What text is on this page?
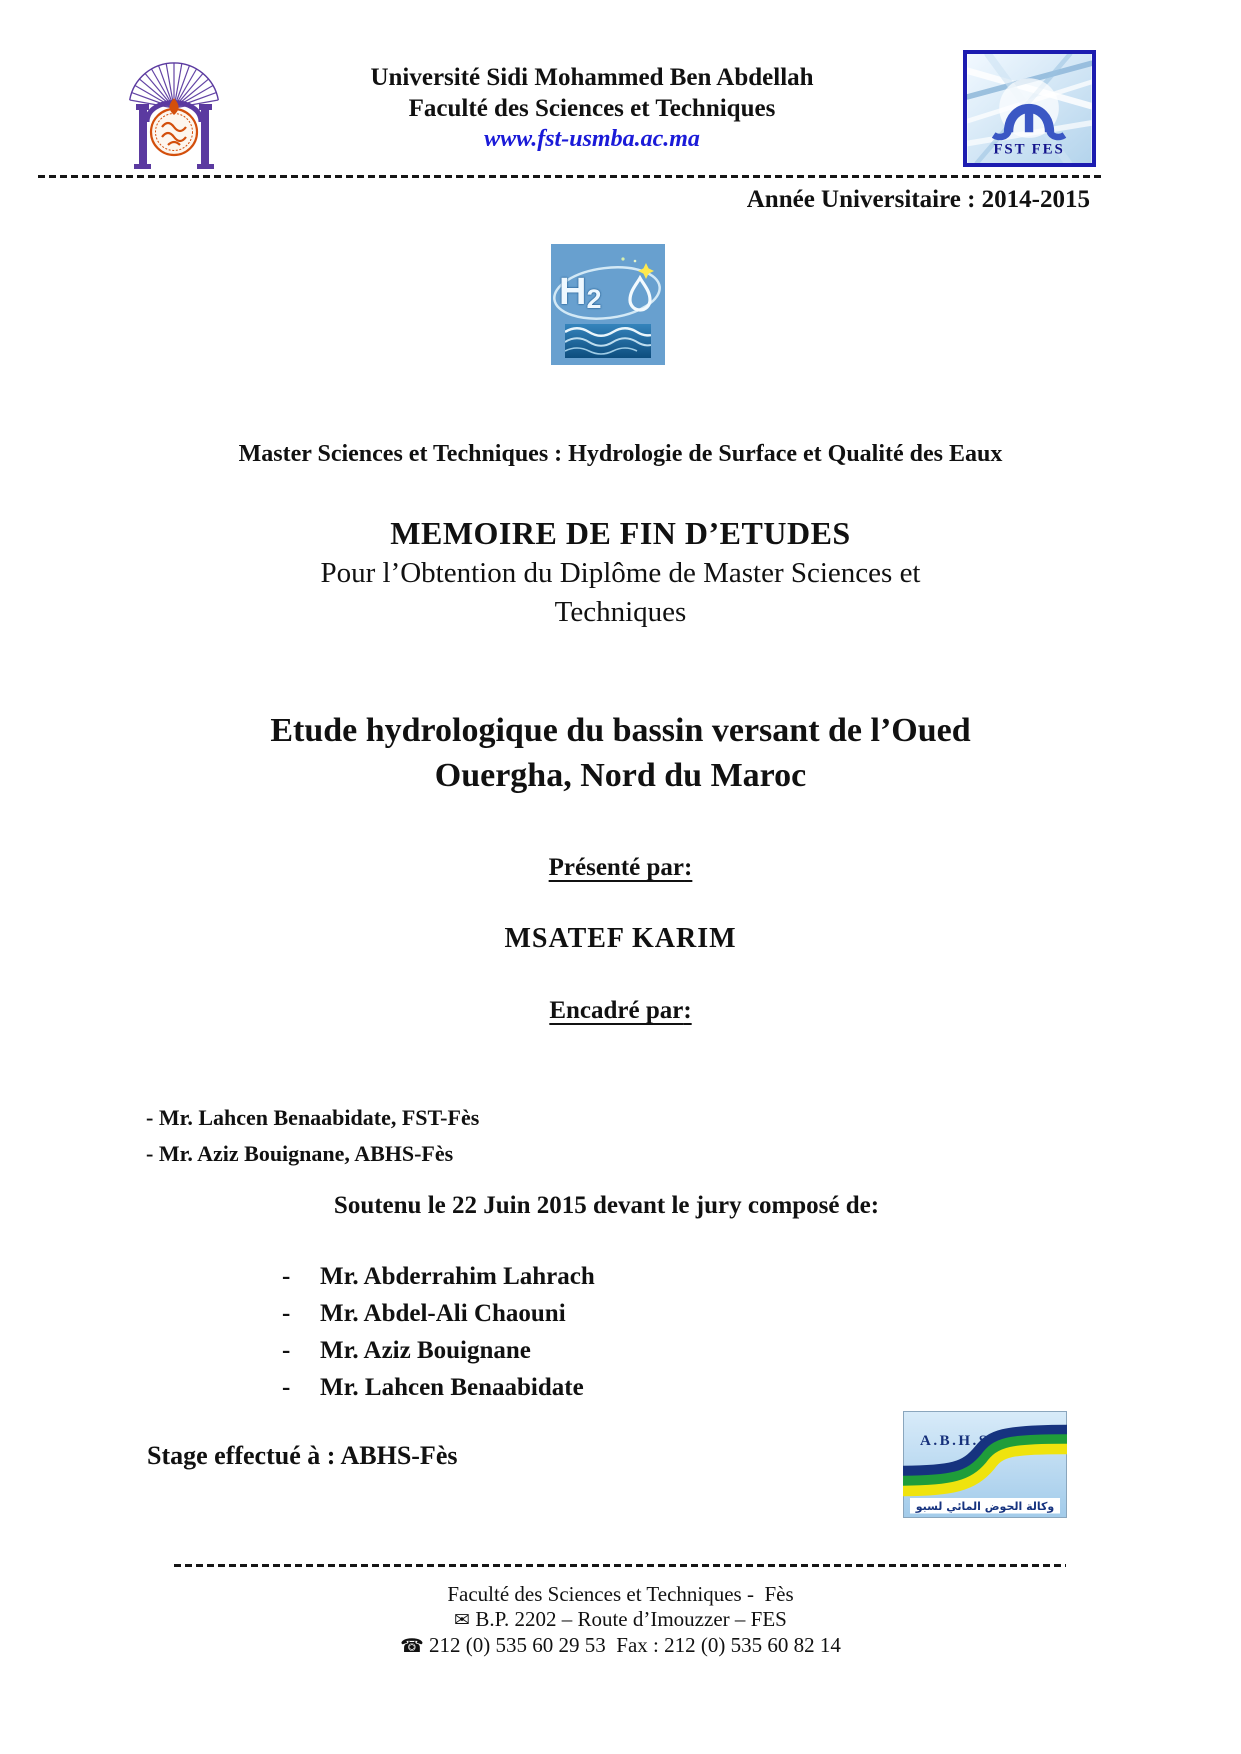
Université Sidi Mohammed Ben Abdellah
Faculté des Sciences et Techniques
www.fst-usmba.ac.ma	FST FES
Année Universitaire : 2014-2015
H2
Master Sciences et Techniques : Hydrologie de Surface et Qualité des Eaux
MEMOIRE DE FIN D’ETUDES
Pour l’Obtention du Diplôme de Master Sciences et
Techniques
Etude hydrologique du bassin versant de l’Oued
Ouergha, Nord du Maroc
Présenté par:
MSATEF KARIM
Encadré par:
- Mr. Lahcen Benaabidate, FST-Fès
- Mr. Aziz Bouignane, ABHS-Fès
Soutenu le 22 Juin 2015 devant le jury composé de:
-	Mr. Abderrahim Lahrach
-	Mr. Abdel-Ali Chaouni
-	Mr. Aziz Bouignane
-	Mr. Lahcen Benaabidate
Stage effectué à : ABHS-Fès	A.B.H.S
وكالة الحوض المائي لسبو
Faculté des Sciences et Techniques -  Fès
✉ B.P. 2202 – Route d’Imouzzer – FES
☎ 212 (0) 535 60 29 53  Fax : 212 (0) 535 60 82 14
